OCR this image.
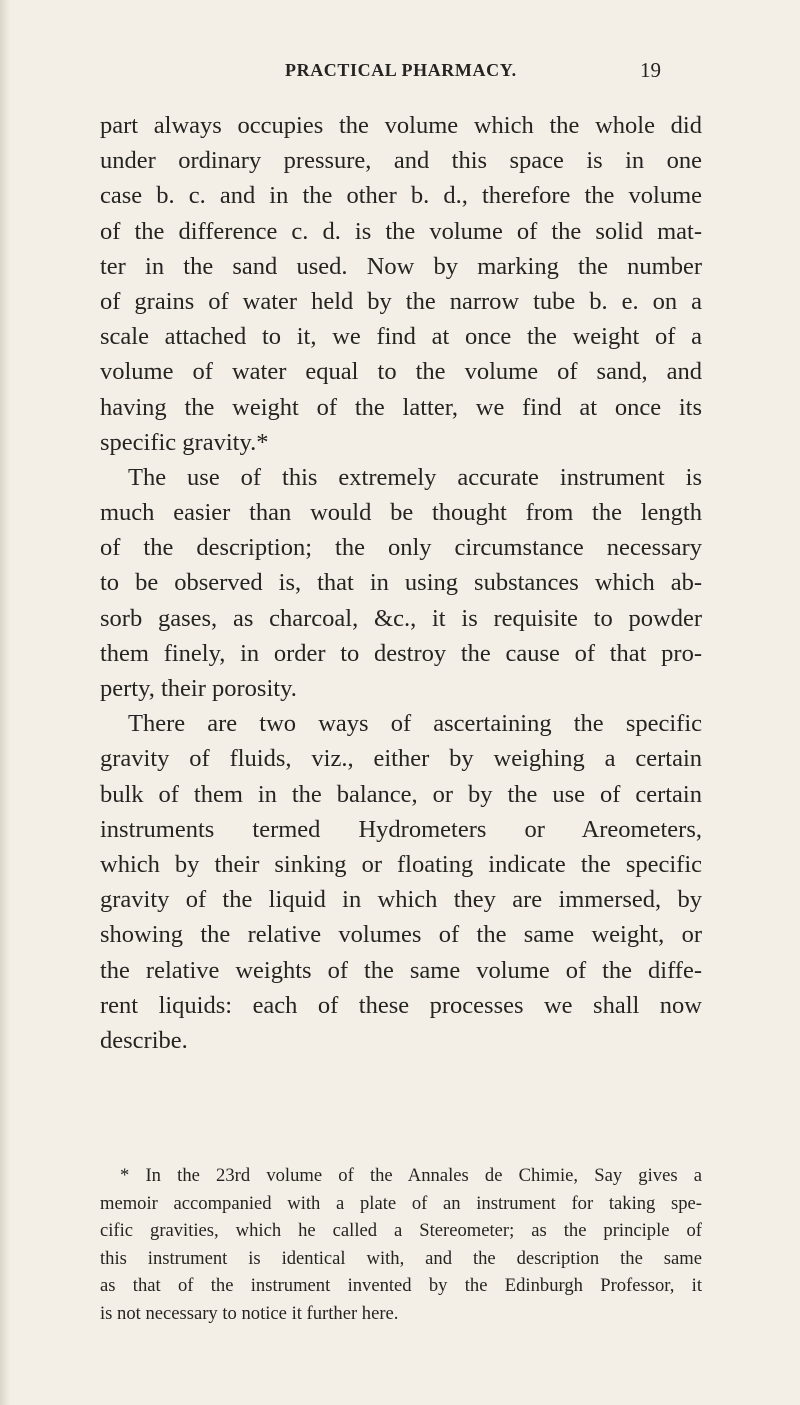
PRACTICAL PHARMACY.	19
part always occupies the volume which the whole did
under ordinary pressure, and this space is in one
case b. c. and in the other b. d., therefore the volume
of the difference c. d. is the volume of the solid mat-
ter in the sand used. Now by marking the number
of grains of water held by the narrow tube b. e. on a
scale attached to it, we find at once the weight of a
volume of water equal to the volume of sand, and
having the weight of the latter, we find at once its
specific gravity.*
The use of this extremely accurate instrument is
much easier than would be thought from the length
of the description; the only circumstance necessary
to be observed is, that in using substances which ab-
sorb gases, as charcoal, &c., it is requisite to powder
them finely, in order to destroy the cause of that pro-
perty, their porosity.
There are two ways of ascertaining the specific
gravity of fluids, viz., either by weighing a certain
bulk of them in the balance, or by the use of certain
instruments termed Hydrometers or Areometers,
which by their sinking or floating indicate the specific
gravity of the liquid in which they are immersed, by
showing the relative volumes of the same weight, or
the relative weights of the same volume of the diffe-
rent liquids: each of these processes we shall now
describe.
* In the 23rd volume of the Annales de Chimie, Say gives a
memoir accompanied with a plate of an instrument for taking spe-
cific gravities, which he called a Stereometer; as the principle of
this instrument is identical with, and the description the same
as that of the instrument invented by the Edinburgh Professor, it
is not necessary to notice it further here.
